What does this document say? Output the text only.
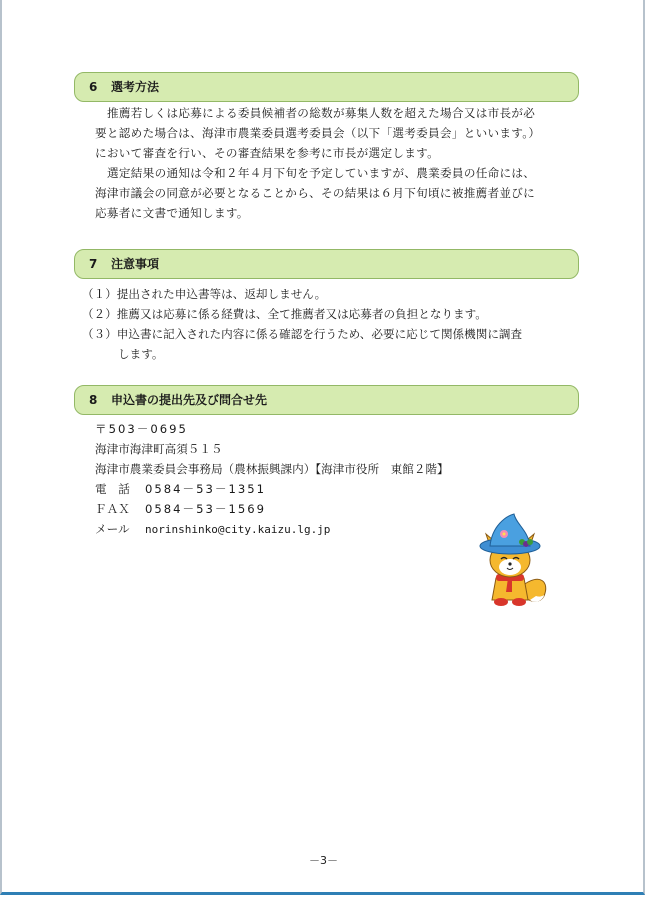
6 選考方法
推薦若しくは応募による委員候補者の総数が募集人数を超えた場合又は市長が必
要と認めた場合は、海津市農業委員選考委員会（以下「選考委員会」といいます。）
において審査を行い、その審査結果を参考に市長が選定します。
選定結果の通知は令和２年４月下旬を予定していますが、農業委員の任命には、
海津市議会の同意が必要となることから、その結果は６月下旬頃に被推薦者並びに
応募者に文書で通知します。
7 注意事項
（１）提出された申込書等は、返却しません。
（２）推薦又は応募に係る経費は、全て推薦者又は応募者の負担となります。
（３）申込書に記入された内容に係る確認を行うため、必要に応じて関係機関に調査
します。
8 申込書の提出先及び問合せ先
〒503－0695
海津市海津町高須５１５
海津市農業委員会事務局（農林振興課内）【海津市役所　東館２階】
電　話 0584－53－1351
ＦＡＸ 0584－53－1569
メール norinshinko@city.kaizu.lg.jp
－3－
